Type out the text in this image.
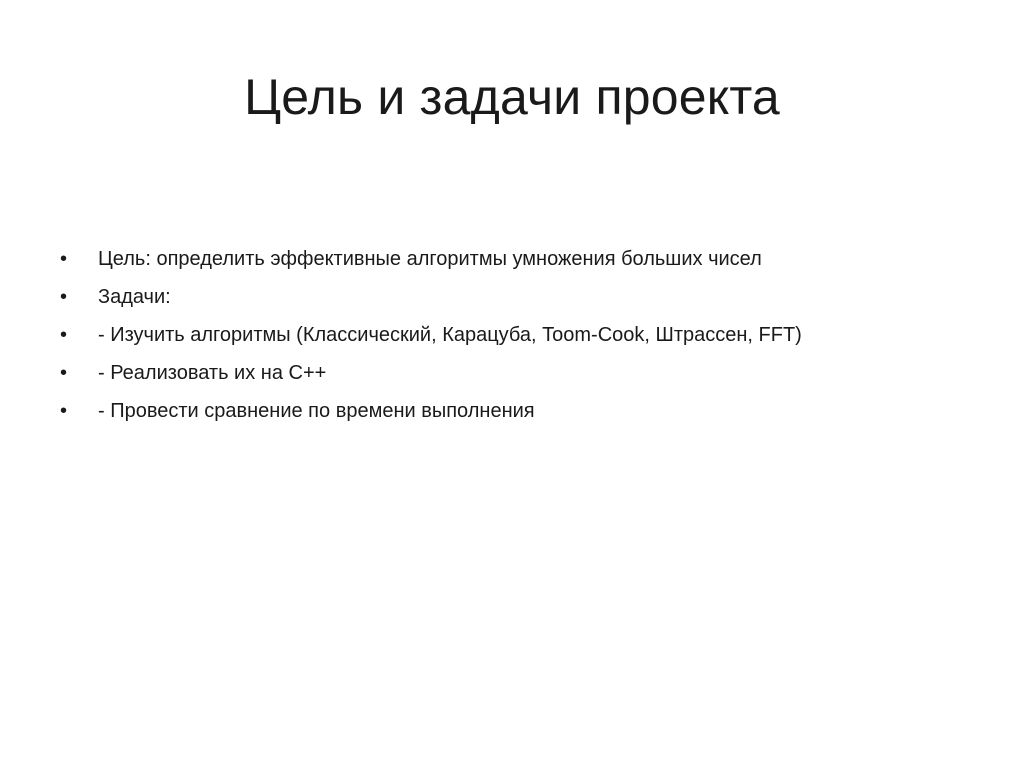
Цель и задачи проекта
•	Цель: определить эффективные алгоритмы умножения больших чисел
•	Задачи:
•	- Изучить алгоритмы (Классический, Карацуба, Toom-Cook, Штрассен, FFT)
•	- Реализовать их на C++
•	- Провести сравнение по времени выполнения
